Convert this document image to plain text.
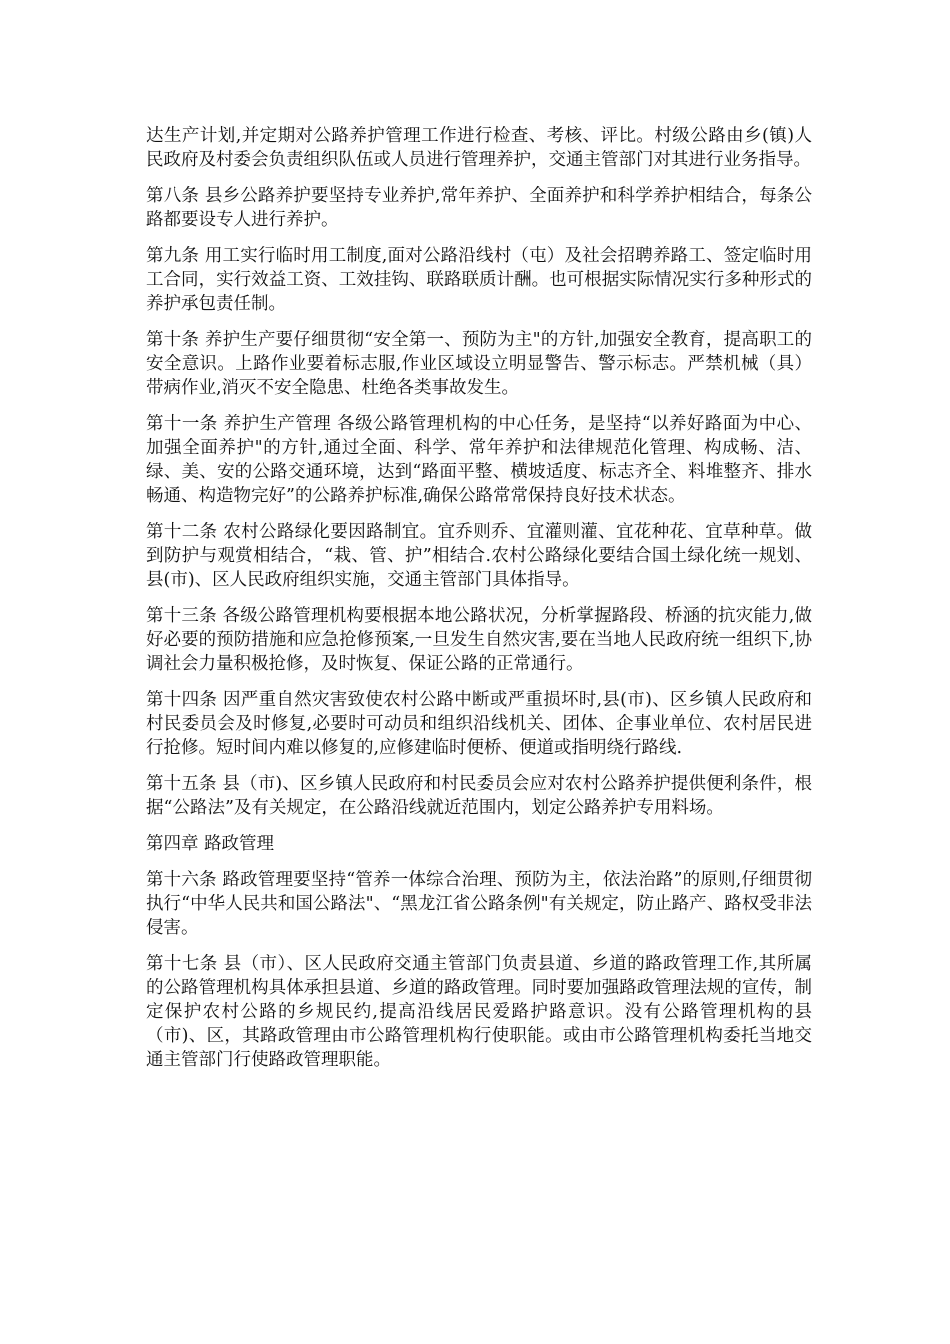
达生产计划,并定期对公路养护管理工作进行检查、考核、评比。村级公路由乡(镇)人民政府及村委会负责组织队伍或人员进行管理养护，交通主管部门对其进行业务指导。

第八条 县乡公路养护要坚持专业养护,常年养护、全面养护和科学养护相结合，每条公路都要设专人进行养护。

第九条 用工实行临时用工制度,面对公路沿线村（屯）及社会招聘养路工、签定临时用工合同，实行效益工资、工效挂钩、联路联质计酬。也可根据实际情况实行多种形式的养护承包责任制。

第十条 养护生产要仔细贯彻“安全第一、预防为主"的方针,加强安全教育，提高职工的安全意识。上路作业要着标志服,作业区域设立明显警告、警示标志。严禁机械（具）带病作业,消灭不安全隐患、杜绝各类事故发生。

第十一条 养护生产管理 各级公路管理机构的中心任务，是坚持“以养好路面为中心、加强全面养护"的方针,通过全面、科学、常年养护和法律规范化管理、构成畅、洁、绿、美、安的公路交通环境，达到“路面平整、横坡适度、标志齐全、料堆整齐、排水畅通、构造物完好”的公路养护标准,确保公路常常保持良好技术状态。

第十二条 农村公路绿化要因路制宜。宜乔则乔、宜灌则灌、宜花种花、宜草种草。做到防护与观赏相结合，“栽、管、护”相结合.农村公路绿化要结合国土绿化统一规划、县(市)、区人民政府组织实施，交通主管部门具体指导。

第十三条 各级公路管理机构要根据本地公路状况，分析掌握路段、桥涵的抗灾能力,做好必要的预防措施和应急抢修预案,一旦发生自然灾害,要在当地人民政府统一组织下,协调社会力量积极抢修，及时恢复、保证公路的正常通行。

第十四条 因严重自然灾害致使农村公路中断或严重损坏时,县(市)、区乡镇人民政府和村民委员会及时修复,必要时可动员和组织沿线机关、团体、企事业单位、农村居民进行抢修。短时间内难以修复的,应修建临时便桥、便道或指明绕行路线.

第十五条 县（市)、区乡镇人民政府和村民委员会应对农村公路养护提供便利条件，根据“公路法”及有关规定，在公路沿线就近范围内，划定公路养护专用料场。

第四章 路政管理

第十六条 路政管理要坚持“管养一体综合治理、预防为主，依法治路”的原则,仔细贯彻执行“中华人民共和国公路法"、“黑龙江省公路条例"有关规定，防止路产、路权受非法侵害。

第十七条 县（市）、区人民政府交通主管部门负责县道、乡道的路政管理工作,其所属的公路管理机构具体承担县道、乡道的路政管理。同时要加强路政管理法规的宣传，制定保护农村公路的乡规民约,提高沿线居民爱路护路意识。没有公路管理机构的县（市)、区，其路政管理由市公路管理机构行使职能。或由市公路管理机构委托当地交通主管部门行使路政管理职能。
